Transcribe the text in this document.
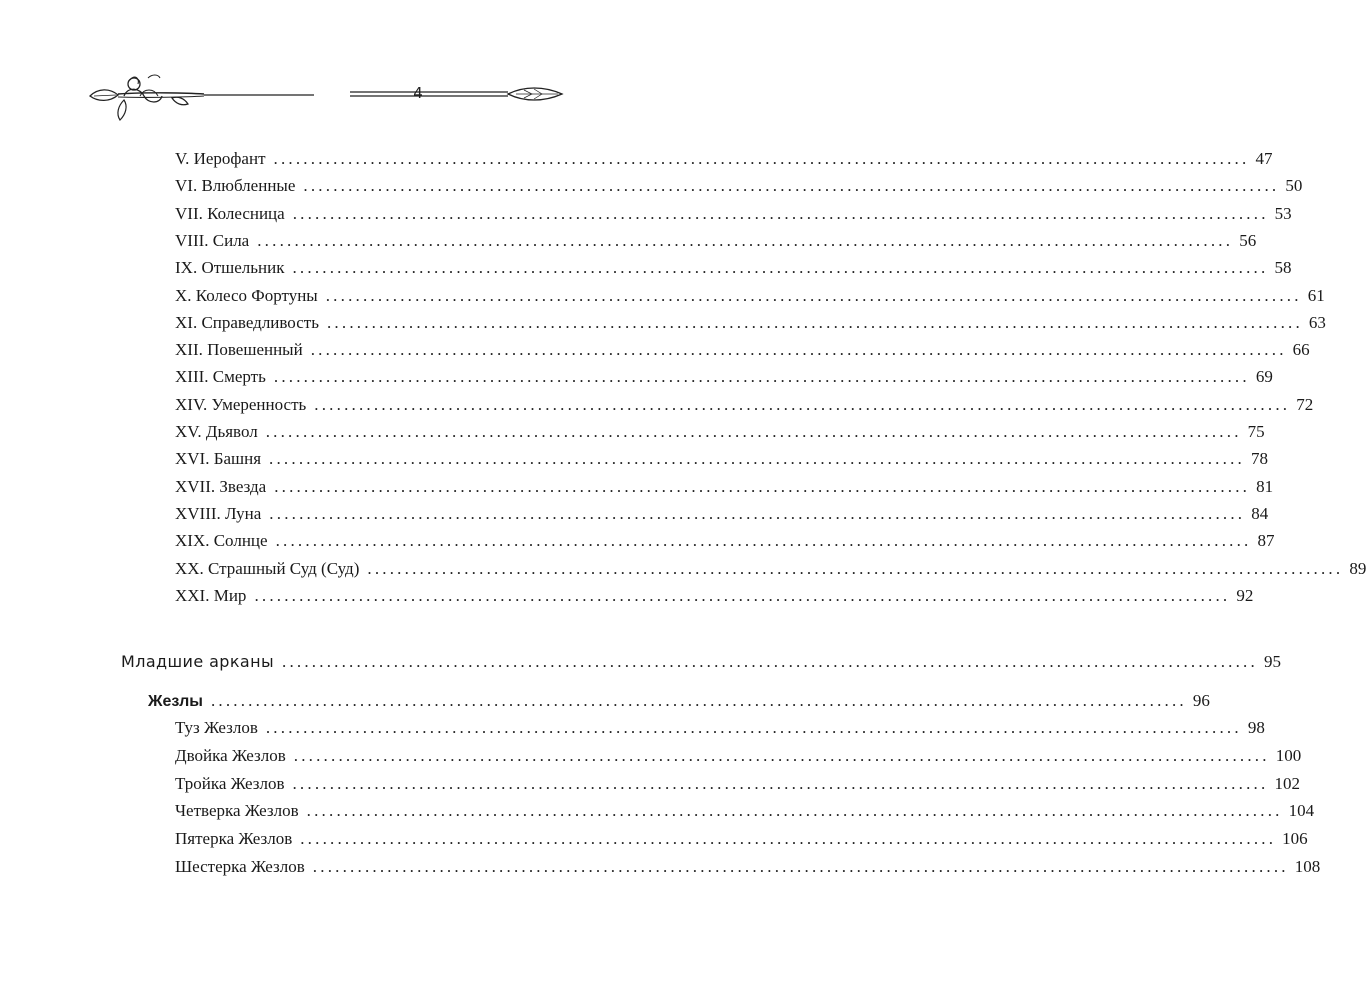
4
V. Иерофант ................................................................................................................................... 47
VI. Влюбленные ................................................................................................................................... 50
VII. Колесница ................................................................................................................................... 53
VIII. Сила ................................................................................................................................... 56
IX. Отшельник ................................................................................................................................... 58
X. Колесо Фортуны ................................................................................................................................... 61
XI. Справедливость ................................................................................................................................... 63
XII. Повешенный ................................................................................................................................... 66
XIII. Смерть ................................................................................................................................... 69
XIV. Умеренность ................................................................................................................................... 72
XV. Дьявол ................................................................................................................................... 75
XVI. Башня ................................................................................................................................... 78
XVII. Звезда ................................................................................................................................... 81
XVIII. Луна ................................................................................................................................... 84
XIX. Солнце ................................................................................................................................... 87
XX. Страшный Суд (Суд) ................................................................................................................................... 89
XXI. Мир ................................................................................................................................... 92
Младшие арканы ................................................................................................................................... 95
Жезлы ................................................................................................................................... 96
Туз Жезлов ................................................................................................................................... 98
Двойка Жезлов ................................................................................................................................... 100
Тройка Жезлов ................................................................................................................................... 102
Четверка Жезлов ................................................................................................................................... 104
Пятерка Жезлов ................................................................................................................................... 106
Шестерка Жезлов ................................................................................................................................... 108
